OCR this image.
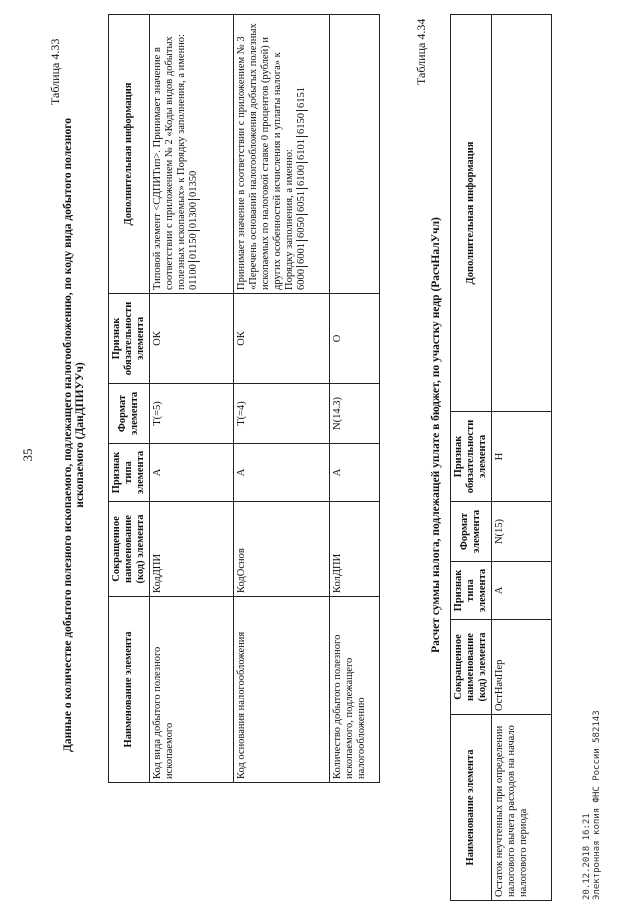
35
Таблица 4.33
Данные о количестве добытого полезного ископаемого, подлежащего налогообложению, по коду вида добытого полезного ископаемого (ДанДПИУУч)
Наименование элемента	Сокращенное наименование (код) элемента	Признак типа элемента	Формат элемента	Признак обязательности элемента	Дополнительная информация
Код вида добытого полезного ископаемого	КодДПИ	А	T(=5)	ОК	Типовой элемент <СДПИТип>. Принимает значение в соответствии с приложением № 2 «Коды видов добытых полезных ископаемых» к Порядку заполнения, а именно: 01100011500130001350

Код основания налогообложения	КодОснов	А	T(=4)	ОК	Принимает значение в соответствии с приложением № 3 «Перечень оснований налогообложения добытых полезных ископаемых по налоговой ставке 0 процентов (рублей) и других особенностей исчисления и уплаты налога» к Порядку заполнения, а именно: 60006001605060516100610161506151

Количество добытого полезного ископаемого, подлежащего налогообложению	КолДПИ	А	N(14.3)	О	
Таблица 4.34
Расчет суммы налога, подлежащей уплате в бюджет, по участку недр (РасчНалУчл)
Наименование элемента	Сокращенное наименование (код) элемента	Признак типа элемента	Формат элемента	Признак обязательности элемента	Дополнительная информация
Остаток неучтенных при определении налогового вычета расходов на начало налогового периода	ОстНачПер	А	N(15)	Н	
20.12.2018 16:21 Электронная копия ФНС России 582143
